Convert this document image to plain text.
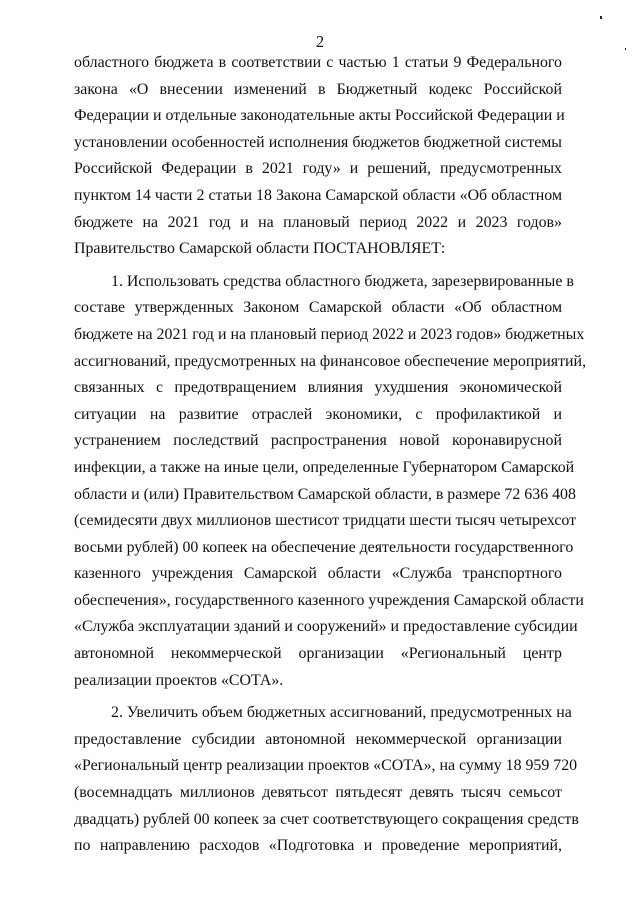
2
областного бюджета в соответствии с частью 1 статьи 9 Федерального
закона «О внесении изменений в Бюджетный кодекс Российской
Федерации и отдельные законодательные акты Российской Федерации и
установлении особенностей исполнения бюджетов бюджетной системы
Российской Федерации в 2021 году» и решений, предусмотренных
пунктом 14 части 2 статьи 18 Закона Самарской области «Об областном
бюджете на 2021 год и на плановый период 2022 и 2023 годов»
Правительство Самарской области ПОСТАНОВЛЯЕТ:
1. Использовать средства областного бюджета, зарезервированные в
составе утвержденных Законом Самарской области «Об областном
бюджете на 2021 год и на плановый период 2022 и 2023 годов» бюджетных
ассигнований, предусмотренных на финансовое обеспечение мероприятий,
связанных с предотвращением влияния ухудшения экономической
ситуации на развитие отраслей экономики, с профилактикой и
устранением последствий распространения новой коронавирусной
инфекции, а также на иные цели, определенные Губернатором Самарской
области и (или) Правительством Самарской области, в размере 72 636 408
(семидесяти двух миллионов шестисот тридцати шести тысяч четырехсот
восьми рублей) 00 копеек на обеспечение деятельности государственного
казенного учреждения Самарской области «Служба транспортного
обеспечения», государственного казенного учреждения Самарской области
«Служба эксплуатации зданий и сооружений» и предоставление субсидии
автономной некоммерческой организации «Региональный центр
реализации проектов «СОТА».
2. Увеличить объем бюджетных ассигнований, предусмотренных на
предоставление субсидии автономной некоммерческой организации
«Региональный центр реализации проектов «СОТА», на сумму 18 959 720
(восемнадцать миллионов девятьсот пятьдесят девять тысяч семьсот
двадцать) рублей 00 копеек за счет соответствующего сокращения средств
по направлению расходов «Подготовка и проведение мероприятий,
